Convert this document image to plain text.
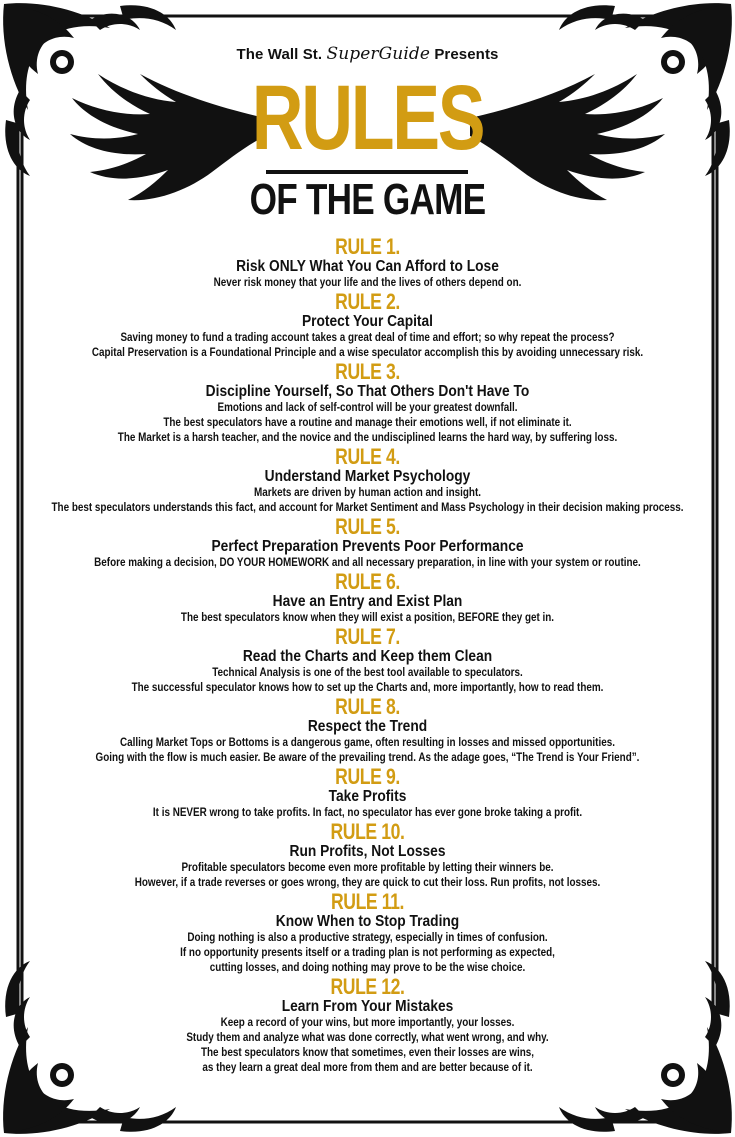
The Wall St. SuperGuide Presents
RULES
OF THE GAME
RULE 1.
Risk ONLY What You Can Afford to Lose
Never risk money that your life and the lives of others depend on.
RULE 2.
Protect Your Capital
Saving money to fund a trading account takes a great deal of time and effort; so why repeat the process?
Capital Preservation is a Foundational Principle and a wise speculator accomplish this by avoiding unnecessary risk.
RULE 3.
Discipline Yourself, So That Others Don't Have To
Emotions and lack of self-control will be your greatest downfall.
The best speculators have a routine and manage their emotions well, if not eliminate it.
The Market is a harsh teacher, and the novice and the undisciplined learns the hard way, by suffering loss.
RULE 4.
Understand Market Psychology
Markets are driven by human action and insight.
The best speculators understands this fact, and account for Market Sentiment and Mass Psychology in their decision making process.
RULE 5.
Perfect Preparation Prevents Poor Performance
Before making a decision, DO YOUR HOMEWORK and all necessary preparation, in line with your system or routine.
RULE 6.
Have an Entry and Exist Plan
The best speculators know when they will exist a position, BEFORE they get in.
RULE 7.
Read the Charts and Keep them Clean
Technical Analysis is one of the best tool available to speculators.
The successful speculator knows how to set up the Charts and, more importantly, how to read them.
RULE 8.
Respect the Trend
Calling Market Tops or Bottoms is a dangerous game, often resulting in losses and missed opportunities.
Going with the flow is much easier. Be aware of the prevailing trend. As the adage goes, “The Trend is Your Friend”.
RULE 9.
Take Profits
It is NEVER wrong to take profits. In fact, no speculator has ever gone broke taking a profit.
RULE 10.
Run Profits, Not Losses
Profitable speculators become even more profitable by letting their winners be.
However, if a trade reverses or goes wrong, they are quick to cut their loss. Run profits, not losses.
RULE 11.
Know When to Stop Trading
Doing nothing is also a productive strategy, especially in times of confusion.
If no opportunity presents itself or a trading plan is not performing as expected,
cutting losses, and doing nothing may prove to be the wise choice.
RULE 12.
Learn From Your Mistakes
Keep a record of your wins, but more importantly, your losses.
Study them and analyze what was done correctly, what went wrong, and why.
The best speculators know that sometimes, even their losses are wins,
as they learn a great deal more from them and are better because of it.
